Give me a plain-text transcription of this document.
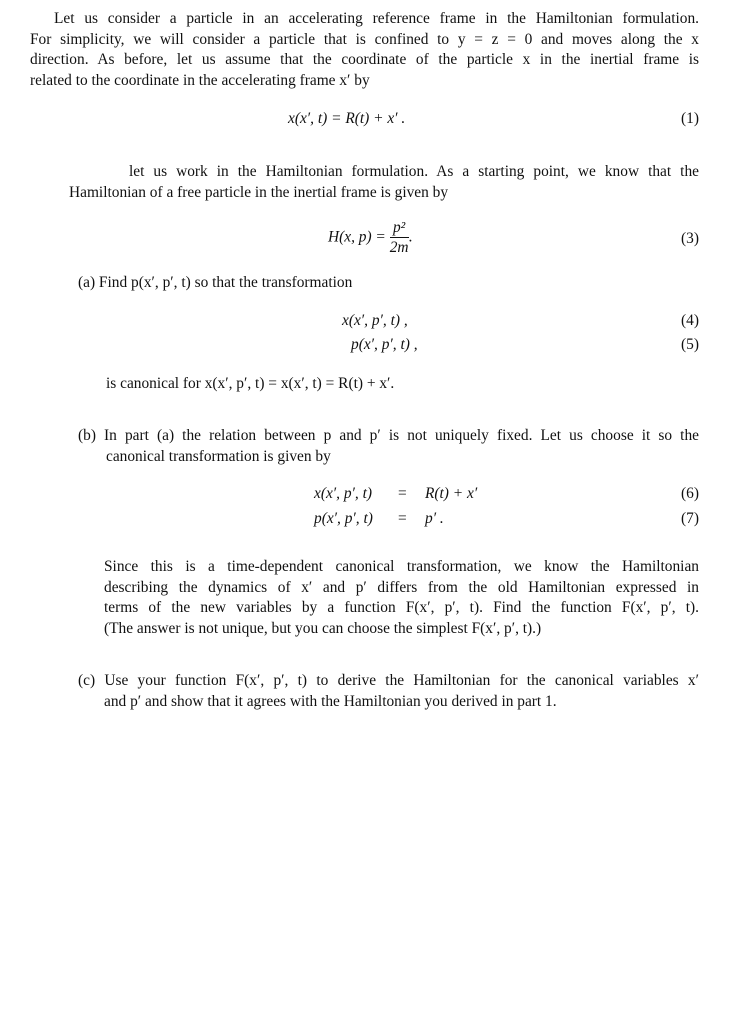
Let us consider a particle in an accelerating reference frame in the Hamiltonian formulation.
For simplicity, we will consider a particle that is confined to y = z = 0 and moves along the x
direction. As before, let us assume that the coordinate of the particle x in the inertial frame is
related to the coordinate in the accelerating frame x′ by
x(x′, t) = R(t) + x′ .	(1)
let us work in the Hamiltonian formulation. As a starting point, we know that the
Hamiltonian of a free particle in the inertial frame is given by
H(x, $p) = \frac{\text{p²}}{2m}$ .	(3)
(a) Find p(x′, p′, t) so that the transformation
x(x′, p′, t) ,	(4)
p(x′, p′, t) ,	(5)
is canonical for x(x′, p′, t) = x(x′, t) = R(t) + x′.
(b) In part (a) the relation between p and p′ is not uniquely fixed. Let us choose it so the
canonical transformation is given by
x(x′, p′, t) = R(t) + x′	(6)
p(x′, p′, t) = p′ .	(7)
Since this is a time-dependent canonical transformation, we know the Hamiltonian
describing the dynamics of x′ and p′ differs from the old Hamiltonian expressed in
terms of the new variables by a function F(x′, p′, t). Find the function F(x′, p′, t).
(The answer is not unique, but you can choose the simplest F(x′, p′, t).)
(c) Use your function F(x′, p′, t) to derive the Hamiltonian for the canonical variables x′
and p′ and show that it agrees with the Hamiltonian you derived in part 1.
